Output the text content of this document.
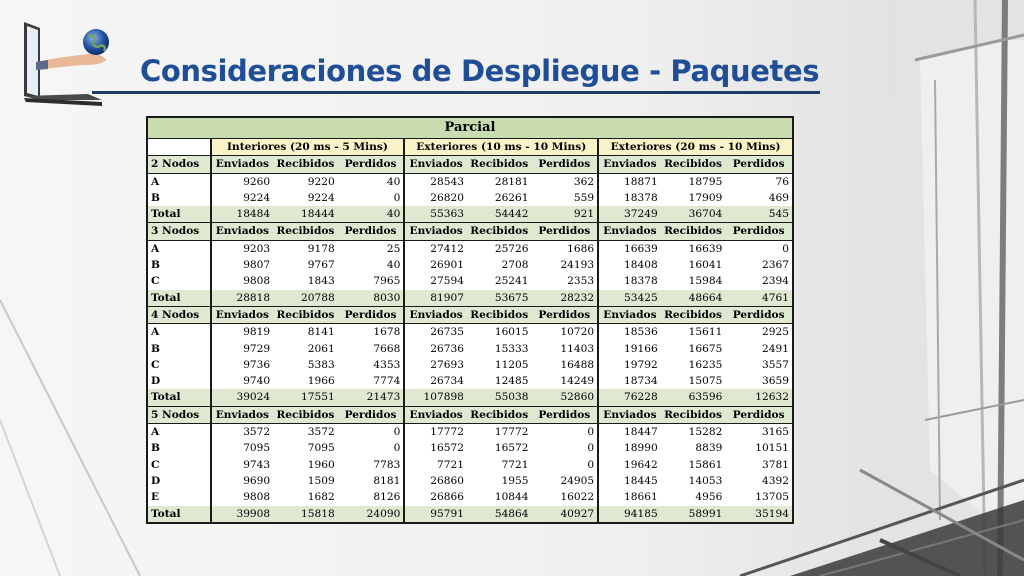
Consideraciones de Despliegue - Paquetes
Parcial									
	Interiores (20 ms - 5 Mins)			Exteriores (10 ms - 10 Mins)			Exteriores (20 ms - 10 Mins)		
2 Nodos	Enviados	Recibidos	Perdidos	Enviados	Recibidos	Perdidos	Enviados	Recibidos	Perdidos
A	9260	9220	40	28543	28181	362	18871	18795	76
B	9224	9224	0	26820	26261	559	18378	17909	469
Total	18484	18444	40	55363	54442	921	37249	36704	545
3 Nodos	Enviados	Recibidos	Perdidos	Enviados	Recibidos	Perdidos	Enviados	Recibidos	Perdidos
A	9203	9178	25	27412	25726	1686	16639	16639	0
B	9807	9767	40	26901	2708	24193	18408	16041	2367
C	9808	1843	7965	27594	25241	2353	18378	15984	2394
Total	28818	20788	8030	81907	53675	28232	53425	48664	4761
4 Nodos	Enviados	Recibidos	Perdidos	Enviados	Recibidos	Perdidos	Enviados	Recibidos	Perdidos
A	9819	8141	1678	26735	16015	10720	18536	15611	2925
B	9729	2061	7668	26736	15333	11403	19166	16675	2491
C	9736	5383	4353	27693	11205	16488	19792	16235	3557
D	9740	1966	7774	26734	12485	14249	18734	15075	3659
Total	39024	17551	21473	107898	55038	52860	76228	63596	12632
5 Nodos	Enviados	Recibidos	Perdidos	Enviados	Recibidos	Perdidos	Enviados	Recibidos	Perdidos
A	3572	3572	0	17772	17772	0	18447	15282	3165
B	7095	7095	0	16572	16572	0	18990	8839	10151
C	9743	1960	7783	7721	7721	0	19642	15861	3781
D	9690	1509	8181	26860	1955	24905	18445	14053	4392
E	9808	1682	8126	26866	10844	16022	18661	4956	13705
Total	39908	15818	24090	95791	54864	40927	94185	58991	35194
